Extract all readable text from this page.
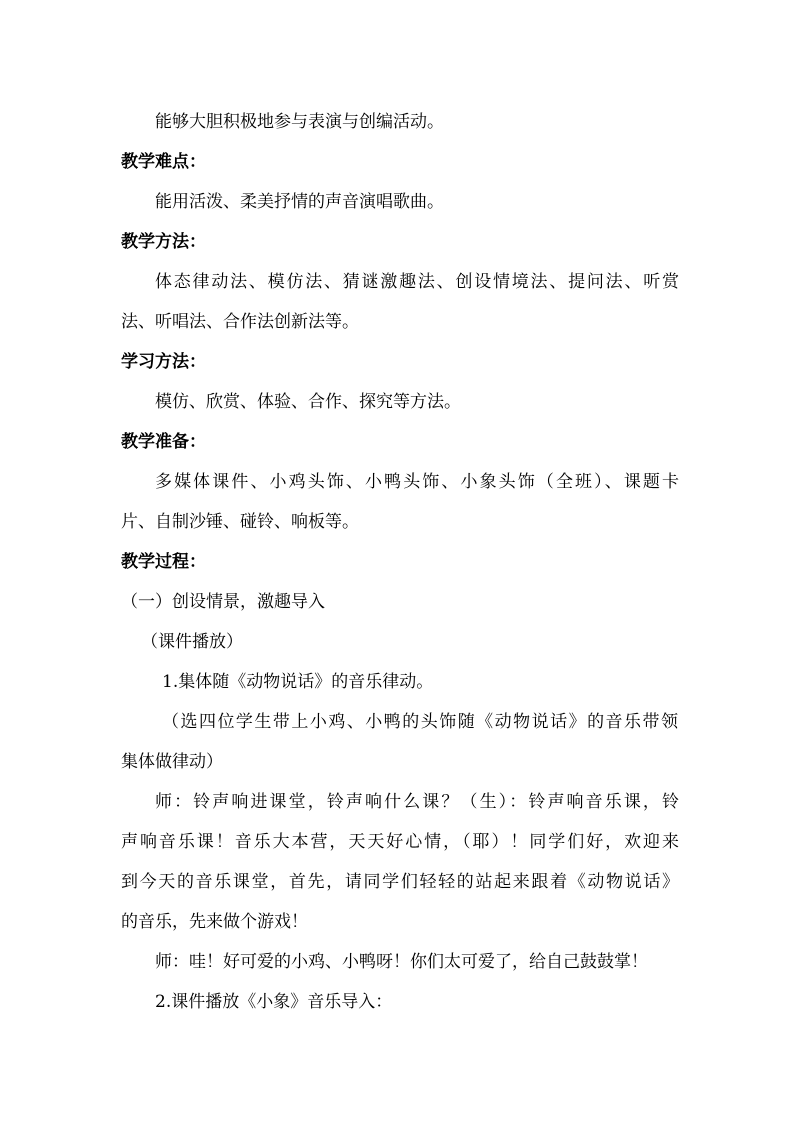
能够大胆积极地参与表演与创编活动。
教学难点：
能用活泼、柔美抒情的声音演唱歌曲。
教学方法：
体态律动法、模仿法、猜谜激趣法、创设情境法、提问法、听赏
法、听唱法、合作法创新法等。
学习方法：
模仿、欣赏、体验、合作、探究等方法。
教学准备：
多媒体课件、小鸡头饰、小鸭头饰、小象头饰（全班）、课题卡
片、自制沙锤、碰铃、响板等。
教学过程：
（一）创设情景，激趣导入
（课件播放）
1.集体随《动物说话》的音乐律动。
（选四位学生带上小鸡、小鸭的头饰随《动物说话》的音乐带领
集体做律动）
师：铃声响进课堂，铃声响什么课？（生）：铃声响音乐课，铃
声响音乐课！音乐大本营，天天好心情，（耶）！同学们好，欢迎来
到今天的音乐课堂，首先，请同学们轻轻的站起来跟着《动物说话》
的音乐，先来做个游戏！
师：哇！好可爱的小鸡、小鸭呀！你们太可爱了，给自己鼓鼓掌！
2.课件播放《小象》音乐导入：
